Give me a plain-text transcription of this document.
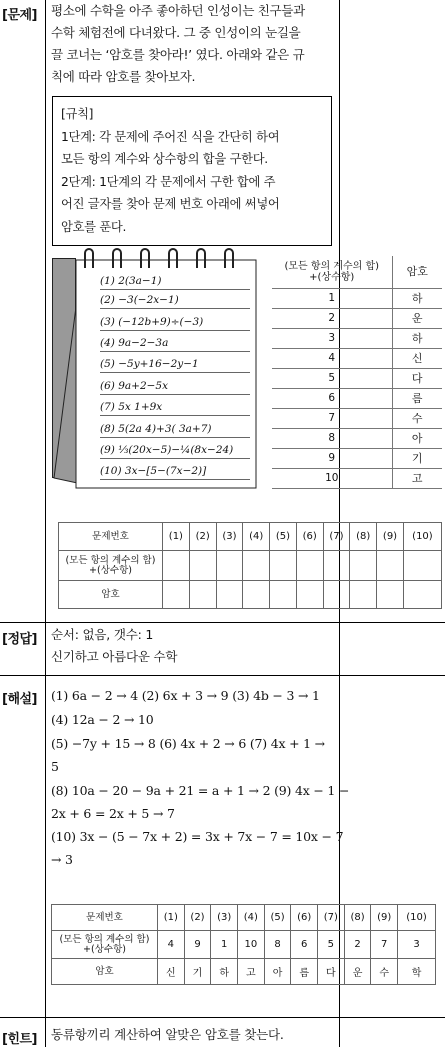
[문제] 평소에 수학을 아주 좋아하던 인성이는 친구들과
수학 체험전에 다녀왔다. 그 중 인성이의 눈길을
끌 코너는 ‘암호를 찾아라!’ 였다. 아래와 같은 규
칙에 따라 암호를 찾아보자.
[규칙]
1단계: 각 문제에 주어진 식을 간단히 하여
모든 항의 계수와 상수항의 합을 구한다.
2단계: 1단계의 각 문제에서 구한 합에 주
어진 글자를 찾아 문제 번호 아래에 써넣어
암호를 푼다.
(1) 2(3a−1)
(2) −3(−2x−1)
(3) (−12b+9)÷(−3)
(4) 9a−2−3a
(5) −5y+16−2y−1
(6) 9a+2−5x
(7) 5x 1+9x
(8) 5(2a 4)+3( 3a+7)
(9) ⅓(20x−5)−¼(8x−24)
(10) 3x−[5−(7x−2)]
(모든 항의 계수의 합)
+(상수항)	암호
1	하
2	운
3	하
4	신
5	다
6	름
7	수
8	아
9	기
10	고
문제번호	(1)	(2)	(3)	(4)	(5)	(6)	(7)	(8)	(9)	(10)
(모든 항의 계수의 합)
+(상수항)										
암호										
[정답] 순서: 없음, 갯수: 1
신기하고 아름다운 수학
[해설] (1) 6a − 2 → 4 (2) 6x + 3 → 9 (3) 4b − 3 → 1
(4) 12a − 2 → 10
(5) −7y + 15 → 8 (6) 4x + 2 → 6 (7) 4x + 1 →
5
(8) 10a − 20 − 9a + 21 = a + 1 → 2 (9) 4x − 1 −
2x + 6 = 2x + 5 → 7
(10) 3x − (5 − 7x + 2) = 3x + 7x − 7 = 10x − 7
→ 3
문제번호	(1)	(2)	(3)	(4)	(5)	(6)	(7)	(8)	(9)	(10)
(모든 항의 계수의 합)
+(상수항)	4	9	1	10	8	6	5	2	7	3
암호	신	기	하	고	아	름	다	운	수	학
[힌트] 동류항끼리 계산하여 알맞은 암호를 찾는다.
